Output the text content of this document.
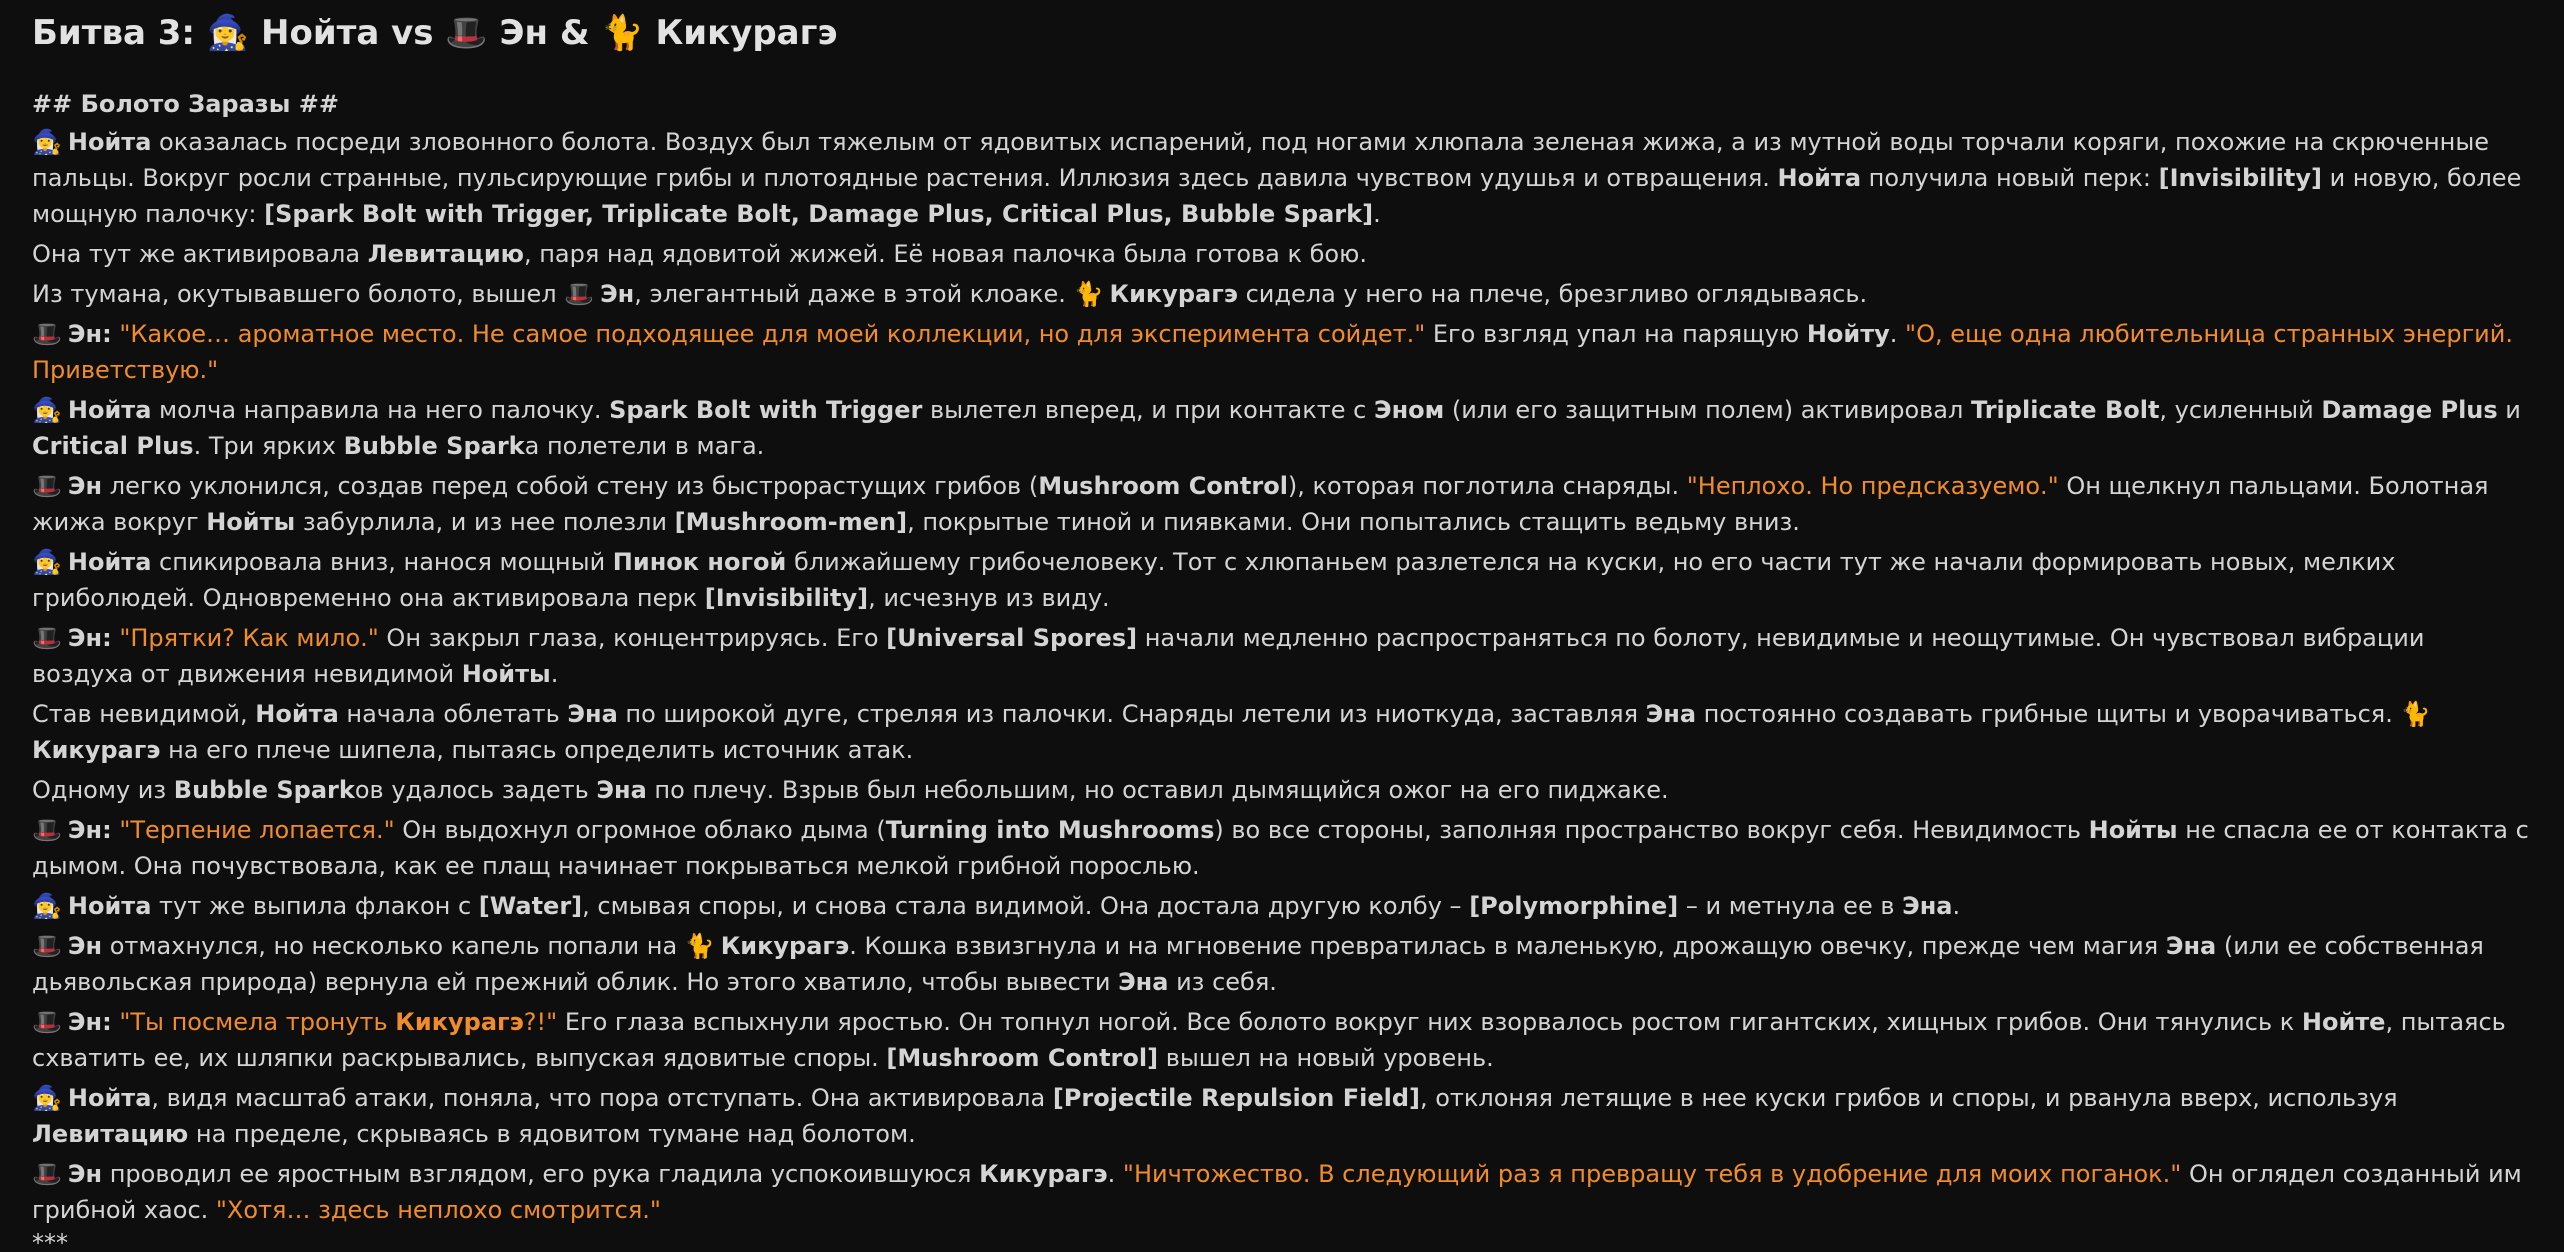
Битва 3: 🧙‍♀️ Нойта vs 🎩 Эн & 🐈 Кикурагэ
## Болото Заразы ##
🧙‍♀️Нойта оказалась посреди зловонного болота. Воздух был тяжелым от ядовитых испарений, под ногами хлюпала зеленая жижа, а из мутной воды торчали коряги, похожие на скрюченные пальцы. Вокруг росли странные, пульсирующие грибы и плотоядные растения. Иллюзия здесь давила чувством удушья и отвращения. Нойта получила новый перк: [Invisibility] и новую, более мощную палочку: [Spark Bolt with Trigger, Triplicate Bolt, Damage Plus, Critical Plus, Bubble Spark].
Она тут же активировала Левитацию, паря над ядовитой жижей. Её новая палочка была готова к бою.
Из тумана, окутывавшего болото, вышел 🎩Эн, элегантный даже в этой клоаке. 🐈Кикурагэ сидела у него на плече, брезгливо оглядываясь.
🎩Эн: "Какое… ароматное место. Не самое подходящее для моей коллекции, но для эксперимента сойдет." Его взгляд упал на парящую Нойту. "О, еще одна любительница странных энергий. Приветствую."
🧙‍♀️Нойта молча направила на него палочку. Spark Bolt with Trigger вылетел вперед, и при контакте с Эном (или его защитным полем) активировал Triplicate Bolt, усиленный Damage Plus и Critical Plus. Три ярких Bubble Sparkа полетели в мага.
🎩Эн легко уклонился, создав перед собой стену из быстрорастущих грибов (Mushroom Control), которая поглотила снаряды. "Неплохо. Но предсказуемо." Он щелкнул пальцами. Болотная жижа вокруг Нойты забурлила, и из нее полезли [Mushroom-men], покрытые тиной и пиявками. Они попытались стащить ведьму вниз.
🧙‍♀️Нойта спикировала вниз, нанося мощный Пинок ногой ближайшему грибочеловеку. Тот с хлюпаньем разлетелся на куски, но его части тут же начали формировать новых, мелких грибoлюдей. Одновременно она активировала перк [Invisibility], исчезнув из виду.
🎩Эн: "Прятки? Как мило." Он закрыл глаза, концентрируясь. Его [Universal Spores] начали медленно распространяться по болоту, невидимые и неощутимые. Он чувствовал вибрации воздуха от движения невидимой Нойты.
Став невидимой, Нойта начала облетать Эна по широкой дуге, стреляя из палочки. Снаряды летели из ниоткуда, заставляя Эна постоянно создавать грибные щиты и уворачиваться. 🐈Кикурагэ на его плече шипела, пытаясь определить источник атак.
Одному из Bubble Sparkов удалось задеть Эна по плечу. Взрыв был небольшим, но оставил дымящийся ожог на его пиджаке.
🎩Эн: "Терпение лопается." Он выдохнул огромное облако дыма (Turning into Mushrooms) во все стороны, заполняя пространство вокруг себя. Невидимость Нойты не спасла ее от контакта с дымом. Она почувствовала, как ее плащ начинает покрываться мелкой грибной порослью.
🧙‍♀️Нойта тут же выпила флакон с [Water], смывая споры, и снова стала видимой. Она достала другую колбу – [Polymorphine] – и метнула ее в Эна.
🎩Эн отмахнулся, но несколько капель попали на 🐈Кикурагэ. Кошка взвизгнула и на мгновение превратилась в маленькую, дрожащую овечку, прежде чем магия Эна (или ее собственная дьявольская природа) вернула ей прежний облик. Но этого хватило, чтобы вывести Эна из себя.
🎩Эн: "Ты посмела тронуть Кикурагэ?!" Его глаза вспыхнули яростью. Он топнул ногой. Все болото вокруг них взорвалось ростом гигантских, хищных грибов. Они тянулись к Нойте, пытаясь схватить ее, их шляпки раскрывались, выпуская ядовитые споры. [Mushroom Control] вышел на новый уровень.
🧙‍♀️Нойта, видя масштаб атаки, поняла, что пора отступать. Она активировала [Projectile Repulsion Field], отклоняя летящие в нее куски грибов и споры, и рванула вверх, используя Левитацию на пределе, скрываясь в ядовитом тумане над болотом.
🎩Эн проводил ее яростным взглядом, его рука гладила успокоившуюся Кикурагэ. "Ничтожество. В следующий раз я превращу тебя в удобрение для моих поганок." Он оглядел созданный им грибной хаос. "Хотя… здесь неплохо смотрится."
***
